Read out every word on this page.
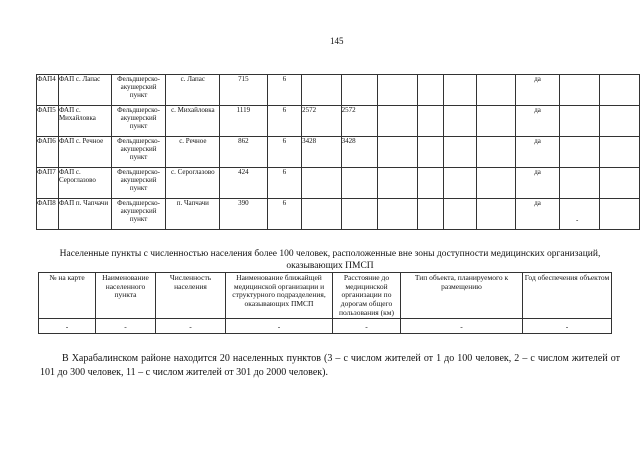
145
ФАП4	ФАП с. Лапас	Фельдшерско-акушерский пункт	с. Лапас	715	6							да		
ФАП5	ФАП с. Михайловка	Фельдшерско-акушерский пункт	с. Михайловка	1119	6	2572	2572					да		
ФАП6	ФАП с. Речное	Фельдшерско-акушерский пункт	с. Речное	862	6	3428	3428					да		
ФАП7	ФАП с. Сероглазово	Фельдшерско-акушерский пункт	с. Сероглазово	424	6							да		
ФАП8	ФАП п. Чапчачи	Фельдшерско-акушерский пункт	п. Чапчачи	390	6							да		
-
Населенные пункты с численностью населения более 100 человек, расположенные вне зоны доступности медицинских организаций, оказывающих ПМСП
№ на карте	Наименование населенного пункта	Численность населения	Наименование ближайщей медицинской организации и структурного подразделения, оказывающих ПМСП	Расстояние до медицинской организации по дорогам общего пользования (км)	Тип объекта, планируемого к размещению	Год обеспечения объектом
-	-	-	-	-	-	-
В Харабалинском районе находится 20 населенных пунктов (3 – с числом жителей от 1 до 100 человек, 2 – с числом жителей от 101 до 300 человек, 11 – с числом жителей от 301 до 2000 человек).
